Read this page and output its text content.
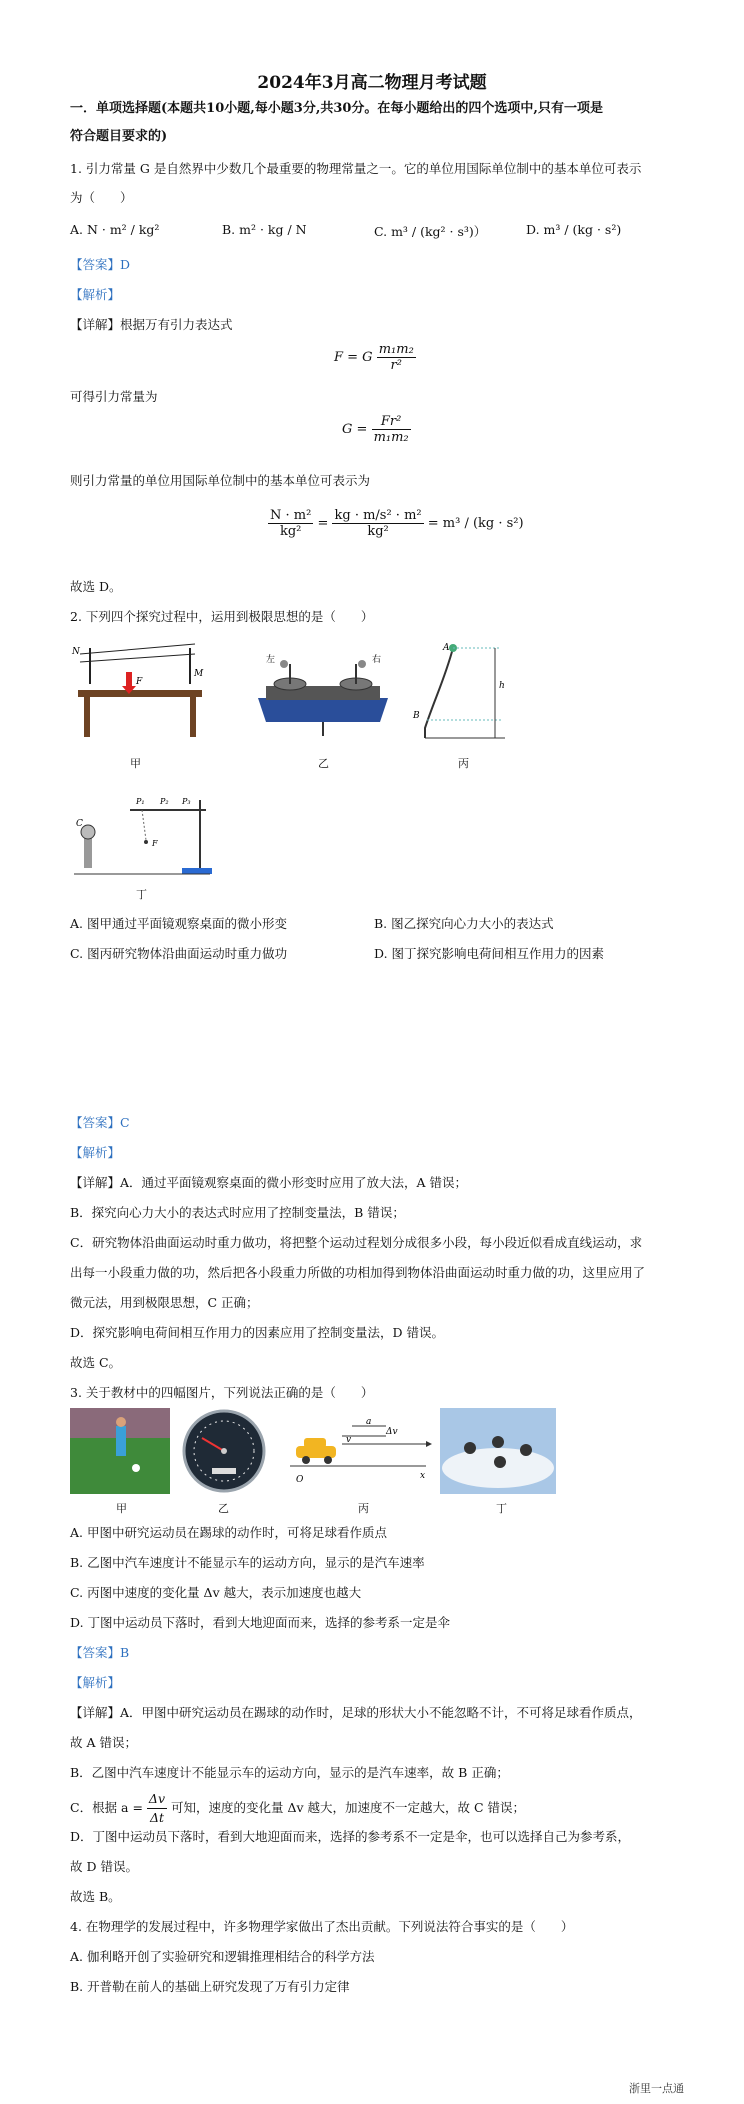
2024年3月高二物理月考试题
一．单项选择题(本题共10小题,每小题3分,共30分。在每小题给出的四个选项中,只有一项是
符合题目要求的)
1. 引力常量 G 是自然界中少数几个最重要的物理常量之一。它的单位用国际单位制中的基本单位可表示
为（　　）
A. N · m² / kg²	B. m² · kg / N	C. m³ / (kg² · s³)）	D. m³ / (kg · s²)
【答案】D
【解析】
【详解】根据万有引力表达式
F = G $\frac{\text{m₁m₂}}{\text{r²}}$
可得引力常量为
$G = \frac{\text{Fr²}}{\text{m₁m₂}}$
则引力常量的单位用国际单位制中的基本单位可表示为
$\frac{\text{N · m²}}{\text{kg²}} = \frac{\text{kg · m/s² · m²}}{\text{kg²}} = m^3 / (kg \cdot s^2)$
故选 D。
2. 下列四个探究过程中，运用到极限思想的是（　　）
N
M
F
甲
左	右
乙
A
B
h
丙
C
P₁ P₂ P₃
F
丁
A. 图甲通过平面镜观察桌面的微小形变	B. 图乙探究向心力大小的表达式
C. 图丙研究物体沿曲面运动时重力做功	D. 图丁探究影响电荷间相互作用力的因素
【答案】C
【解析】
【详解】A．通过平面镜观察桌面的微小形变时应用了放大法，A 错误；
B．探究向心力大小的表达式时应用了控制变量法，B 错误；
C．研究物体沿曲面运动时重力做功，将把整个运动过程划分成很多小段，每小段近似看成直线运动，求
出每一小段重力做的功，然后把各小段重力所做的功相加得到物体沿曲面运动时重力做的功，这里应用了
微元法，用到极限思想，C 正确；
D．探究影响电荷间相互作用力的因素应用了控制变量法，D 错误。
故选 C。
3. 关于教材中的四幅图片，下列说法正确的是（　　）
甲	乙
O	x
a
Δv
v
丙	丁
A. 甲图中研究运动员在踢球的动作时，可将足球看作质点
B. 乙图中汽车速度计不能显示车的运动方向，显示的是汽车速率
C. 丙图中速度的变化量 Δv 越大，表示加速度也越大
D. 丁图中运动员下落时，看到大地迎面而来，选择的参考系一定是伞
【答案】B
【解析】
【详解】A．甲图中研究运动员在踢球的动作时，足球的形状大小不能忽略不计，不可将足球看作质点，
故 A 错误；
B．乙图中汽车速度计不能显示车的运动方向，显示的是汽车速率，故 B 正确；
C．根据 $a = \frac{\Delta v}{\Delta t}$ 可知，速度的变化量 Δv 越大，加速度不一定越大，故 C 错误；
D．丁图中运动员下落时，看到大地迎面而来，选择的参考系不一定是伞，也可以选择自己为参考系，
故 D 错误。
故选 B。
4. 在物理学的发展过程中，许多物理学家做出了杰出贡献。下列说法符合事实的是（　　）
A. 伽利略开创了实验研究和逻辑推理相结合的科学方法
B. 开普勒在前人的基础上研究发现了万有引力定律
浙里一点通
